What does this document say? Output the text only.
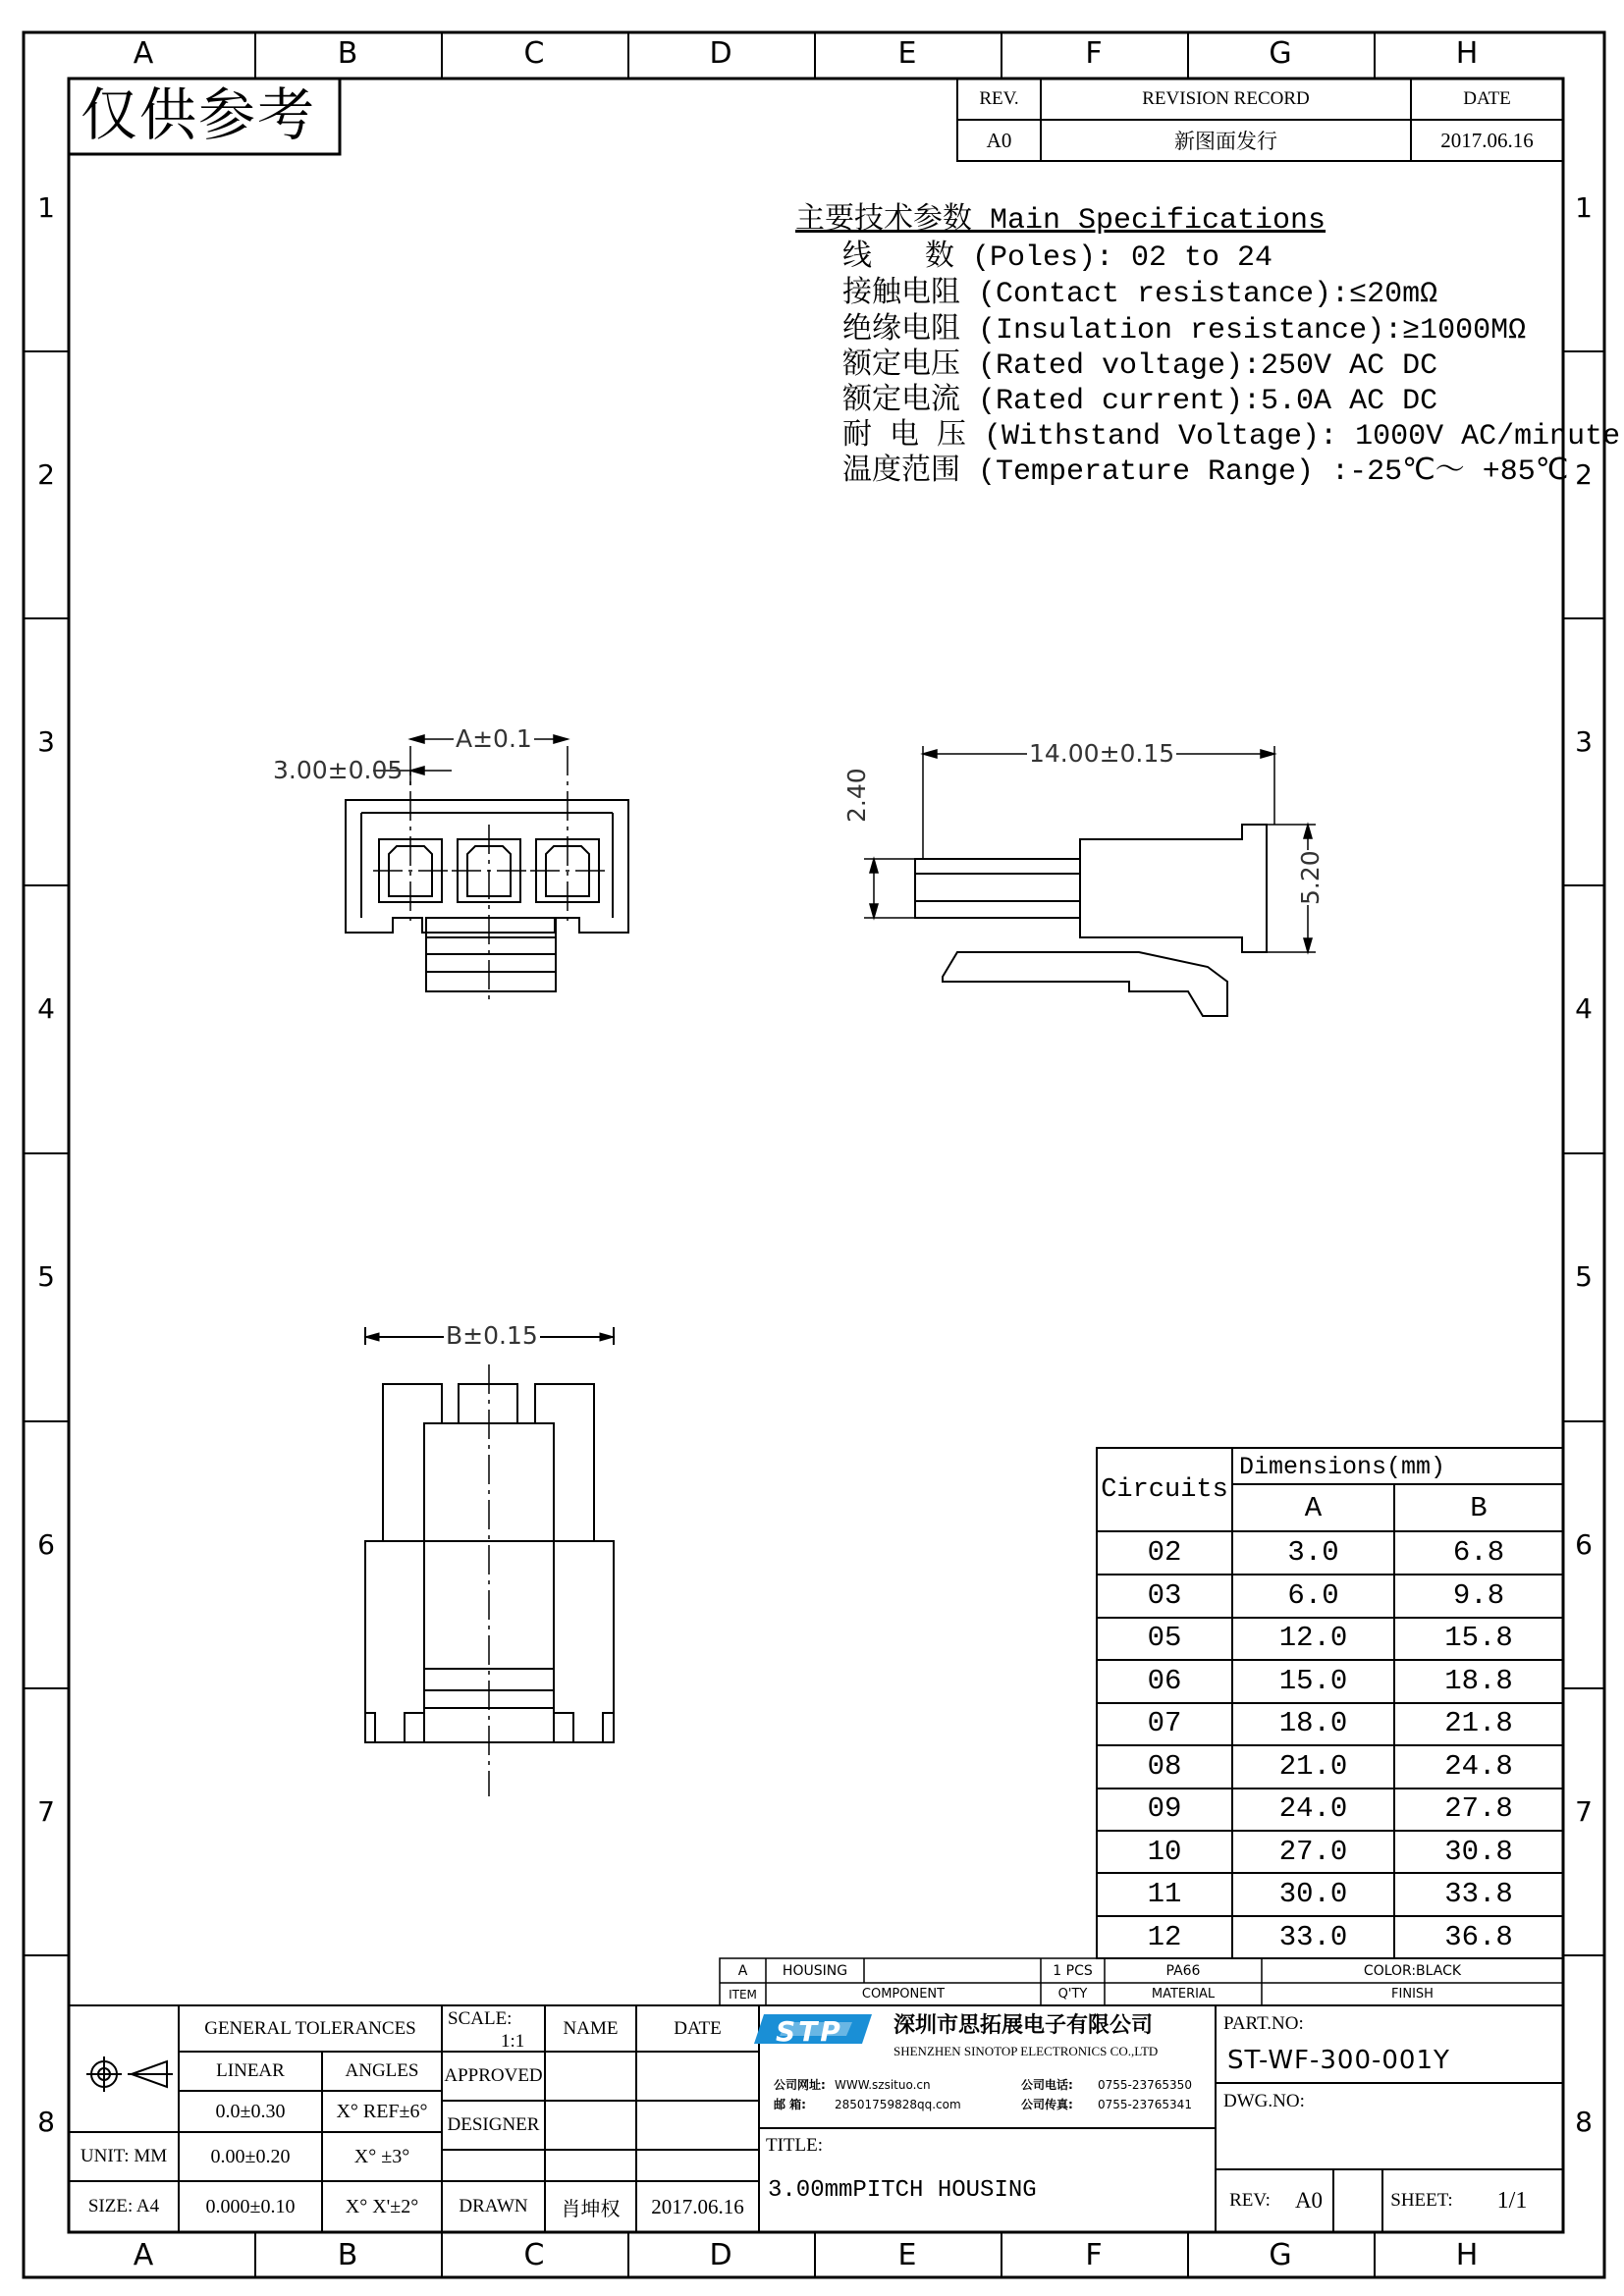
A	B	C	D	E	F	G	H
A	B	C	D	E	F	G	H
1
2
3
4
5
6
7
8
1
2
3
4
5
6
7
8
仅供参考	REV.	REVISION RECORD	DATE
A0	新图面发行	2017.06.16
主要技术参数 Main Specifications
线   数 (Poles): 02 to 24
接触电阻 (Contact resistance):≤20mΩ
绝缘电阻 (Insulation resistance):≥1000MΩ
额定电压 (Rated voltage):250V AC DC
额定电流 (Rated current):5.0A AC DC
耐 电 压 (Withstand Voltage): 1000V AC/minute
温度范围 (Temperature Range) :-25℃～ +85℃
A±0.1
3.00±0.05
14.00±0.15
2.40
5.20
B±0.15
Circuits
Dimensions(mm)
A	B
02	3.0	6.8
03	6.0	9.8
05	12.0	15.8
06	15.0	18.8
07	18.0	21.8
08	21.0	24.8
09	24.0	27.8
10	27.0	30.8
11	30.0	33.8
12	33.0	36.8
A	HOUSING	1 PCS	PA66	COLOR:BLACK
ITEM	COMPONENT	Q'TY	MATERIAL	FINISH
GENERAL TOLERANCES
LINEAR	ANGLES
0.0±0.30	X° REF±6°
0.00±0.20	X° ±3°
0.000±0.10	X° X'±2°
UNIT: MM
SIZE: A4
SCALE:
1:1
NAME	DATE
APPROVED
DESIGNER
DRAWN	肖坤权	2017.06.16
STP 深圳市思拓展电子有限公司
SHENZHEN SINOTOP ELECTRONICS CO.,LTD
公司网址: WWW.szsituo.cn
邮 箱: 28501759828qq.com
公司电话: 0755-23765350
公司传真: 0755-23765341
TITLE:
3.00mmPITCH HOUSING
PART.NO:
ST-WF-300-001Y
DWG.NO:
REV:	A0	SHEET:	1/1
